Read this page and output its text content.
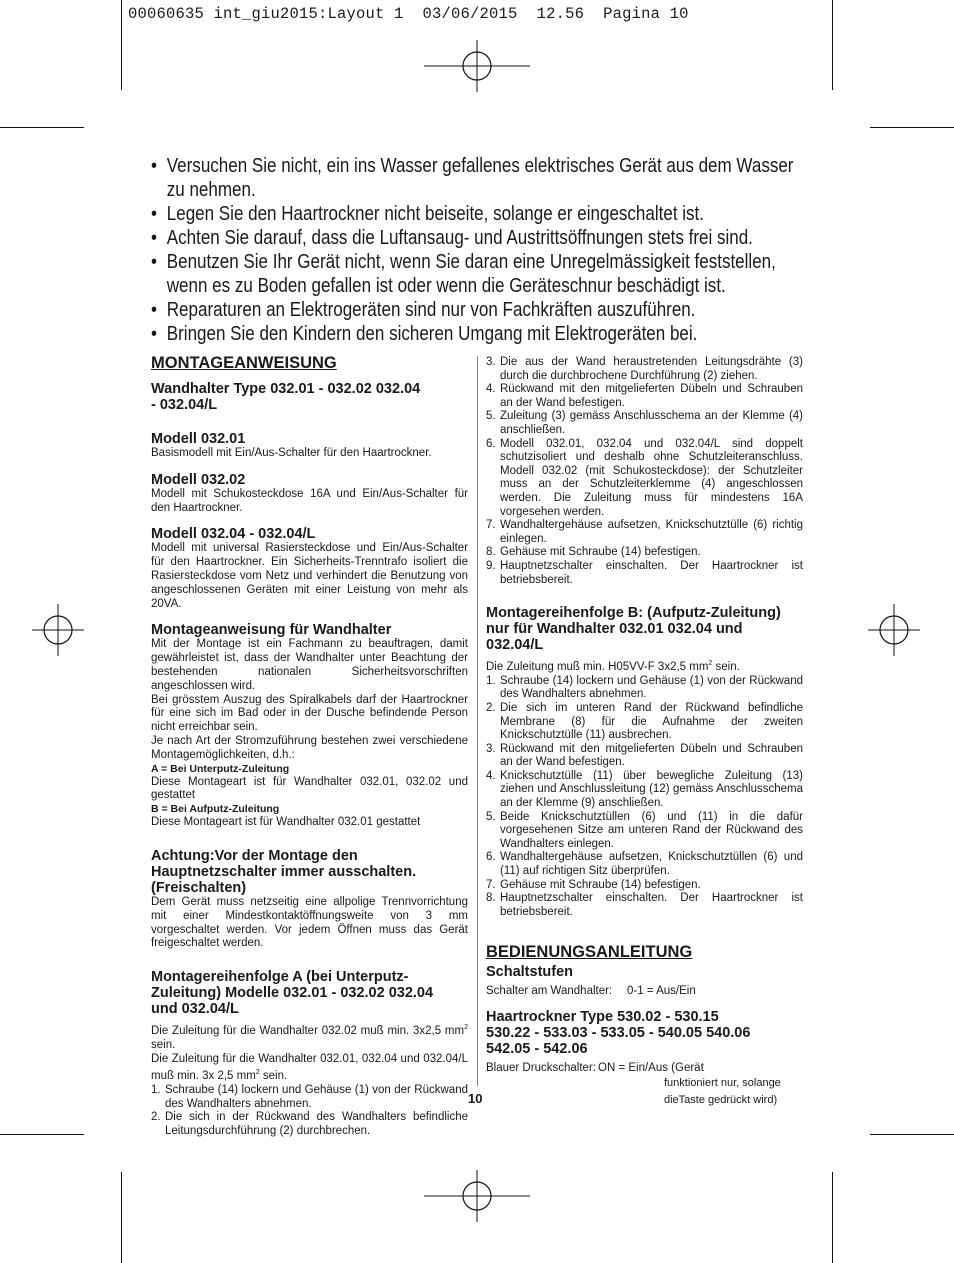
00060635 int_giu2015:Layout 1  03/06/2015  12.56  Pagina 10
• Versuchen Sie nicht, ein ins Wasser gefallenes elektrisches Gerät aus dem Wasser zu nehmen.
• Legen Sie den Haartrockner nicht beiseite, solange er eingeschaltet ist.
• Achten Sie darauf, dass die Luftansaug- und Austrittsöffnungen stets frei sind.
• Benutzen Sie Ihr Gerät nicht, wenn Sie daran eine Unregelmässigkeit feststellen, wenn es zu Boden gefallen ist oder wenn die Geräteschnur beschädigt ist.
• Reparaturen an Elektrogeräten sind nur von Fachkräften auszuführen.
• Bringen Sie den Kindern den sicheren Umgang mit Elektrogeräten bei.
MONTAGEANWEISUNG
Wandhalter Type 032.01 - 032.02 032.04 - 032.04/L
Modell 032.01
Basismodell mit Ein/Aus-Schalter für den Haartrockner.
Modell 032.02
Modell mit Schukosteckdose 16A und Ein/Aus-Schalter für den Haartrockner.
Modell 032.04 - 032.04/L
Modell mit universal Rasiersteckdose und Ein/Aus-Schalter für den Haartrockner. Ein Sicherheits-Trenntrafo isoliert die Rasiersteckdose vom Netz und verhindert die Benutzung von angeschlossenen Geräten mit einer Leistung von mehr als 20VA.
Montageanweisung für Wandhalter
Mit der Montage ist ein Fachmann zu beauftragen, damit gewährleistet ist, dass der Wandhalter unter Beachtung der bestehenden nationalen Sicherheitsvorschriften angeschlossen wird.
Bei grösstem Auszug des Spiralkabels darf der Haartrockner für eine sich im Bad oder in der Dusche befindende Person nicht erreichbar sein.
Je nach Art der Stromzuführung bestehen zwei verschiedene Montagemöglichkeiten, d.h.:
A = Bei Unterputz-Zuleitung
Diese Montageart ist für Wandhalter 032.01, 032.02 und gestattet
B = Bei Aufputz-Zuleitung
Diese Montageart ist für Wandhalter 032.01 gestattet
Achtung:Vor der Montage den Hauptnetzschalter immer ausschalten. (Freischalten)
Dem Gerät muss netzseitig eine allpolige Trennvorrichtung mit einer Mindestkontaktöffnungsweite von 3 mm vorgeschaltet werden. Vor jedem Öffnen muss das Gerät freigeschaltet werden.
Montagereihenfolge A (bei Unterputz-Zuleitung) Modelle 032.01 - 032.02 032.04 und 032.04/L
Die Zuleitung für die Wandhalter 032.02 muß min. 3x2,5 $mm^2$ sein.
Die Zuleitung für die Wandhalter 032.01, 032.04 und 032.04/L muß min. 3x 2,5 $mm^2$ sein.
1. Schraube (14) lockern und Gehäuse (1) von der Rückwand des Wandhalters abnehmen.
2. Die sich in der Rückwand des Wandhalters befindliche Leitungsdurchführung (2) durchbrechen.
3. Die aus der Wand heraustretenden Leitungsdrähte (3) durch die durchbrochene Durchführung (2) ziehen.
4. Rückwand mit den mitgelieferten Dübeln und Schrauben an der Wand befestigen.
5. Zuleitung (3) gemäss Anschlusschema an der Klemme (4) anschließen.
6. Modell 032.01, 032.04 und 032.04/L sind doppelt schutzisoliert und deshalb ohne Schutzleiteranschluss. Modell 032.02 (mit Schukosteckdose): der Schutzleiter muss an der Schutzleiterklemme (4) angeschlossen werden. Die Zuleitung muss für mindestens 16A vorgesehen werden.
7. Wandhaltergehäuse aufsetzen, Knickschutztülle (6) richtig einlegen.
8. Gehäuse mit Schraube (14) befestigen.
9. Hauptnetzschalter einschalten. Der Haartrockner ist betriebsbereit.
Montagereihenfolge B: (Aufputz-Zuleitung) nur für Wandhalter 032.01 032.04 und 032.04/L
Die Zuleitung muß min. H05VV-F 3x2,5 $mm^2$ sein.
1. Schraube (14) lockern und Gehäuse (1) von der Rückwand des Wandhalters abnehmen.
2. Die sich im unteren Rand der Rückwand befindliche Membrane (8) für die Aufnahme der zweiten Knickschutztülle (11) ausbrechen.
3. Rückwand mit den mitgelieferten Dübeln und Schrauben an der Wand befestigen.
4. Knickschutztülle (11) über bewegliche Zuleitung (13) ziehen und Anschlussleitung (12) gemäss Anschlusschema an der Klemme (9) anschließen.
5. Beide Knickschutztüllen (6) und (11) in die dafür vorgesehenen Sitze am unteren Rand der Rückwand des Wandhalters einlegen.
6. Wandhaltergehäuse aufsetzen, Knickschutztüllen (6) und (11) auf richtigen Sitz überprüfen.
7. Gehäuse mit Schraube (14) befestigen.
8. Hauptnetzschalter einschalten. Der Haartrockner ist betriebsbereit.
BEDIENUNGSANLEITUNG
Schaltstufen
Schalter am Wandhalter:	0-1 = Aus/Ein
Haartrockner Type 530.02 - 530.15 530.22 - 533.03 - 533.05 - 540.05 540.06 542.05 - 542.06
Blauer Druckschalter: ON = Ein/Aus (Gerät
funktioniert nur, solange
dieTaste gedrückt wird)
10
